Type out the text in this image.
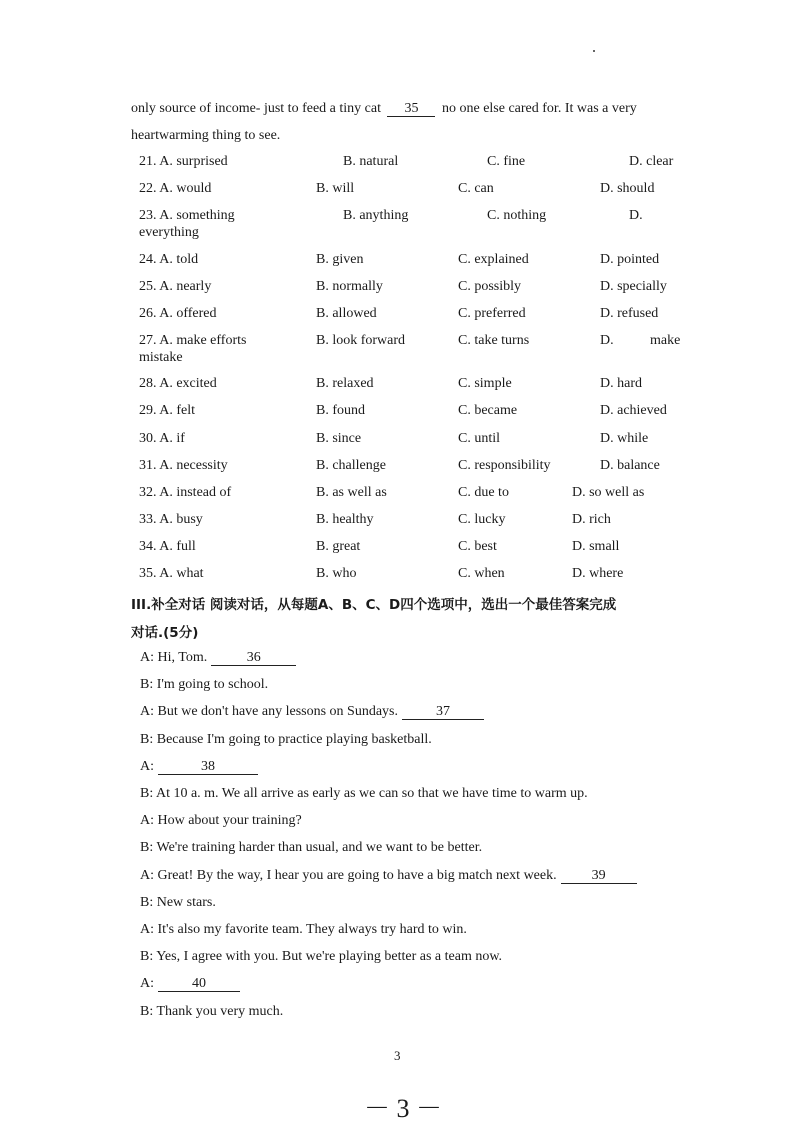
only source of income- just to feed a tiny cat 35 no one else cared for. It was a very
heartwarming thing to see.
21. A. surprised	B. natural	C. fine	D. clear
22. A. would	B. will	C. can	D. should
23. A. something	B. anything	C. nothing	D.
everything
24. A. told	B. given	C. explained	D. pointed
25. A. nearly	B. normally	C. possibly	D. specially
26. A. offered	B. allowed	C. preferred	D. refused
27. A. make efforts	B. look forward	C. take turns	D.	make
mistake
28. A. excited	B. relaxed	C. simple	D. hard
29. A. felt	B. found	C. became	D. achieved
30. A. if	B. since	C. until	D. while
31. A. necessity	B. challenge	C. responsibility	D. balance
32. A. instead of	B. as well as	C. due to	D. so well as
33. A. busy	B. healthy	C. lucky	D. rich
34. A. full	B. great	C. best	D. small
35. A. what	B. who	C. when	D. where
III.补全对话 阅读对话，从每题A、B、C、D四个选项中，选出一个最佳答案完成
对话.(5分)
A: Hi, Tom.	36
B: I'm going to school.
A: But we don't have any lessons on Sundays.	37
B: Because I'm going to practice playing basketball.
A:	38
B: At 10 a. m. We all arrive as early as we can so that we have time to warm up.
A: How about your training?
B: We're training harder than usual, and we want to be better.
A: Great! By the way, I hear you are going to have a big match next week.	39
B: New stars.
A: It's also my favorite team. They always try hard to win.
B: Yes, I agree with you. But we're playing better as a team now.
A:	40
B: Thank you very much.
3
－ 3 －
